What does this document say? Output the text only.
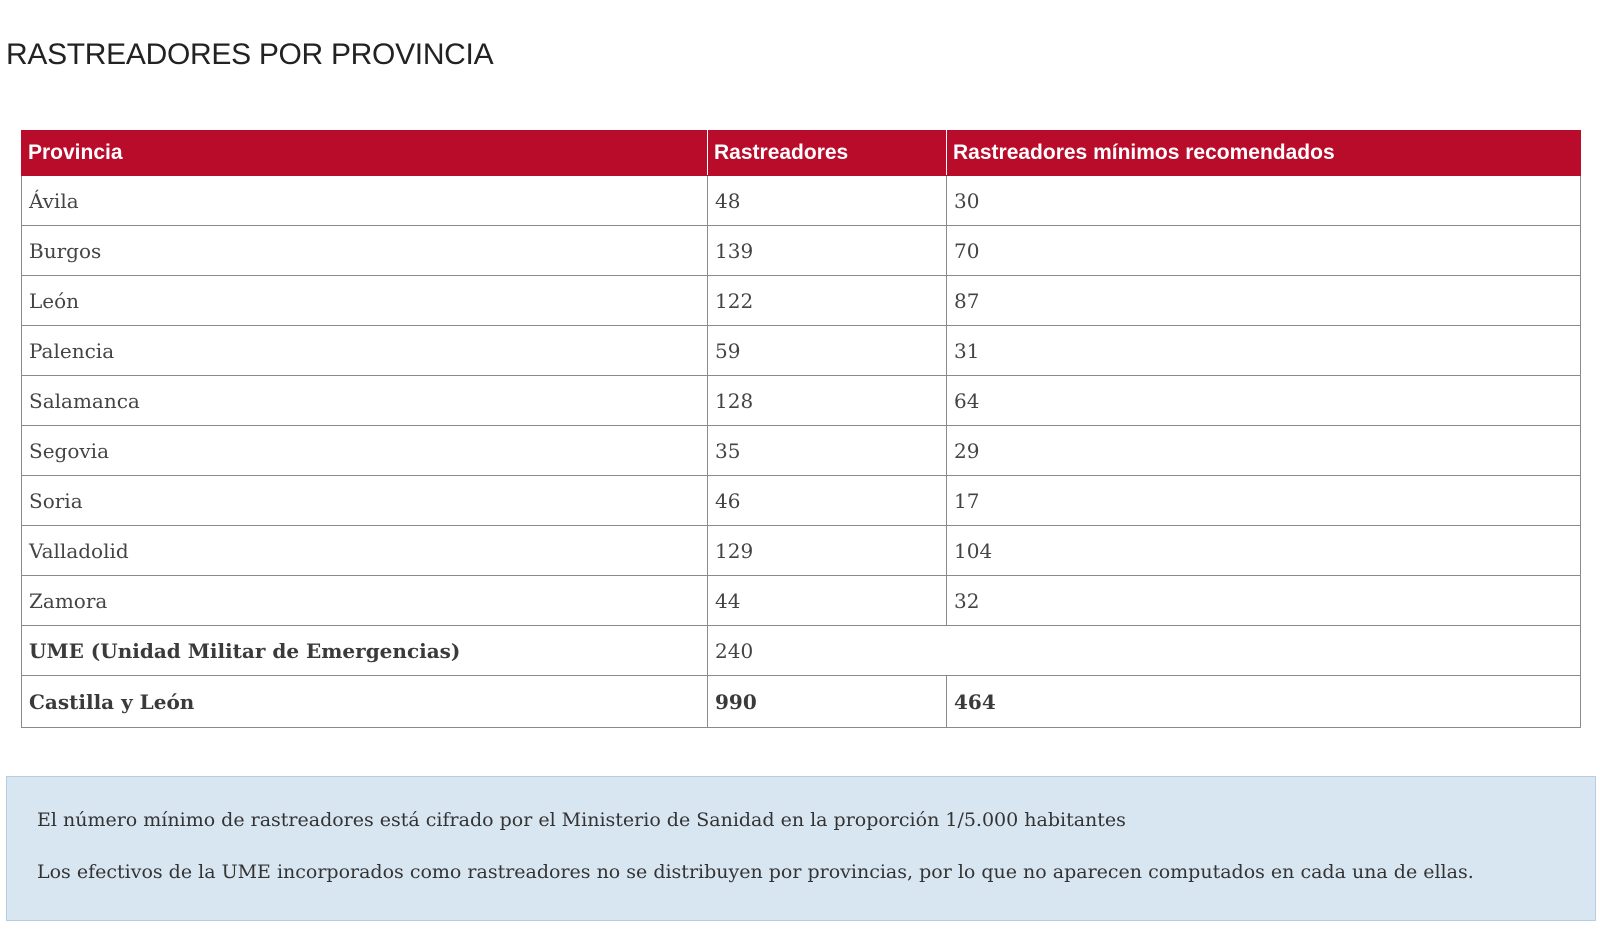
RASTREADORES POR PROVINCIA
Provincia	Rastreadores	Rastreadores mínimos recomendados
Ávila	48	30
Burgos	139	70
León	122	87
Palencia	59	31
Salamanca	128	64
Segovia	35	29
Soria	46	17
Valladolid	129	104
Zamora	44	32
UME (Unidad Militar de Emergencias)	240	
Castilla y León	990	464

El número mínimo de rastreadores está cifrado por el Ministerio de Sanidad en la proporción 1/5.000 habitantes

Los efectivos de la UME incorporados como rastreadores no se distribuyen por provincias, por lo que no aparecen computados en cada una de ellas.
